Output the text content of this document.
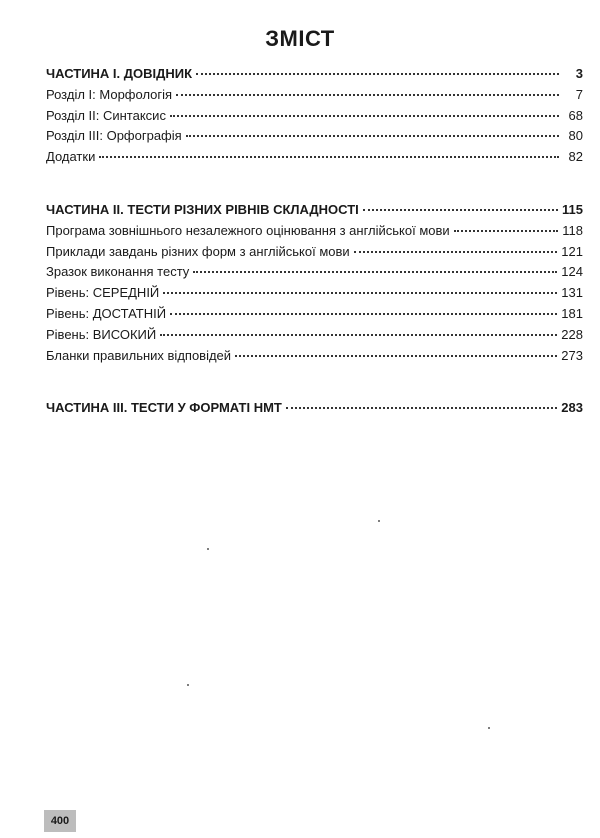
ЗМІСТ
ЧАСТИНА І. ДОВІДНИК	3
Розділ І: Морфологія	7
Розділ ІІ: Синтаксис	68
Розділ ІІІ: Орфографія	80
Додатки	82
ЧАСТИНА ІІ. ТЕСТИ РІЗНИХ РІВНІВ СКЛАДНОСТІ	115
Програма зовнішнього незалежного оцінювання з англійської мови	118
Приклади завдань різних форм з англійської мови	121
Зразок виконання тесту	124
Рівень: СЕРЕДНІЙ	131
Рівень: ДОСТАТНІЙ	181
Рівень: ВИСОКИЙ	228
Бланки правильних відповідей	273
ЧАСТИНА ІІІ. ТЕСТИ У ФОРМАТІ НМТ	283
400
